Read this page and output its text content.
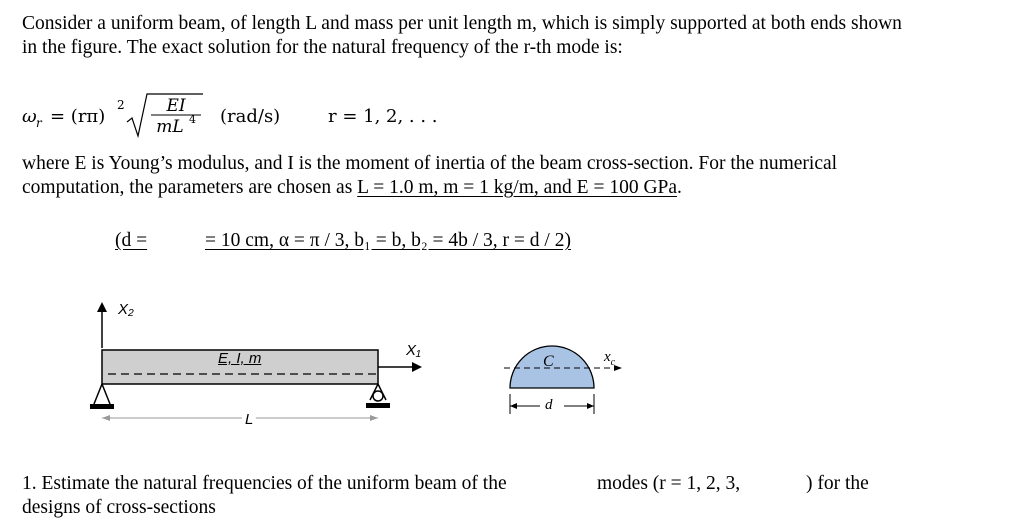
Consider a uniform beam, of length L and mass per unit length m, which is simply supported at both ends shown
in the figure. The exact solution for the natural frequency of the r-th mode is:
ω r = (rπ)
2	EI
mL 4 (rad/s)	r = 1, 2, . . .
where E is Young’s modulus, and I is the moment of inertia of the beam cross-section. For the numerical
computation, the parameters are chosen as L = 1.0 m, m = 1 kg/m, and E = 100 GPa.
(d =	= 10 cm, α = π / 3, b₁ = b, b₂ = 4b / 3, r = d / 2)
X₂
X₁
E, I, m
L
C	$x_c$
d
1. Estimate the natural frequencies of the uniform beam of the	modes (r = 1, 2, 3,	) for the
designs of cross-sections
